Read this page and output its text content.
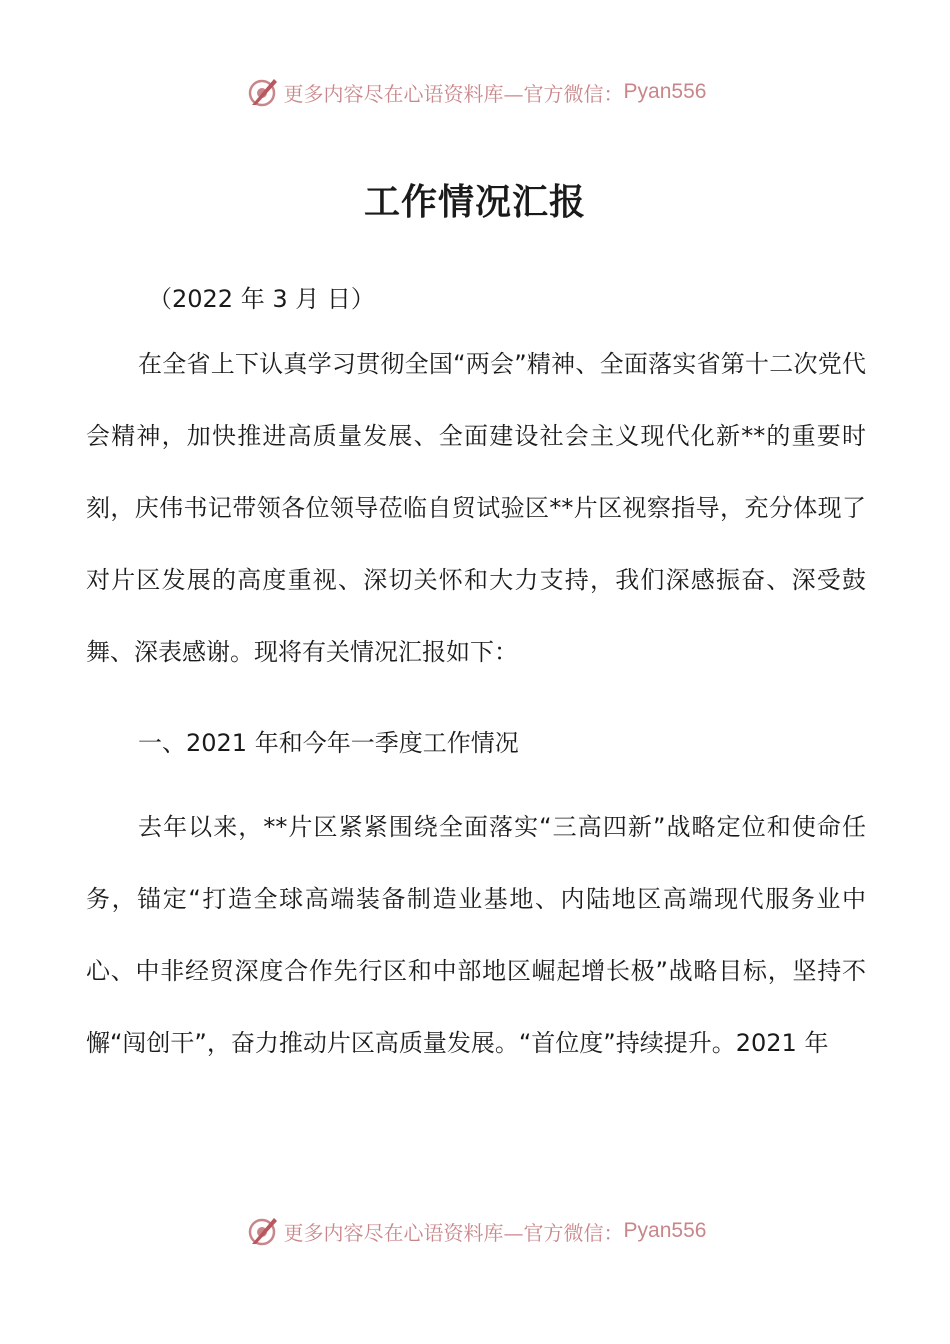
更多内容尽在心语资料库—官方微信： Pyan556
工作情况汇报

（2022 年 3 月 日）

在全省上下认真学习贯彻全国“两会”精神、全面落实省第十二次党代会精神，加快推进高质量发展、全面建设社会主义现代化新**的重要时刻，庆伟书记带领各位领导莅临自贸试验区**片区视察指导，充分体现了对片区发展的高度重视、深切关怀和大力支持，我们深感振奋、深受鼓舞、深表感谢。现将有关情况汇报如下：

一、2021 年和今年一季度工作情况

去年以来，**片区紧紧围绕全面落实“三高四新”战略定位和使命任务，锚定“打造全球高端装备制造业基地、内陆地区高端现代服务业中心、中非经贸深度合作先行区和中部地区崛起增长极”战略目标，坚持不懈“闯创干”，奋力推动片区高质量发展。“首位度”持续提升。2021 年

更多内容尽在心语资料库—官方微信： Pyan556
